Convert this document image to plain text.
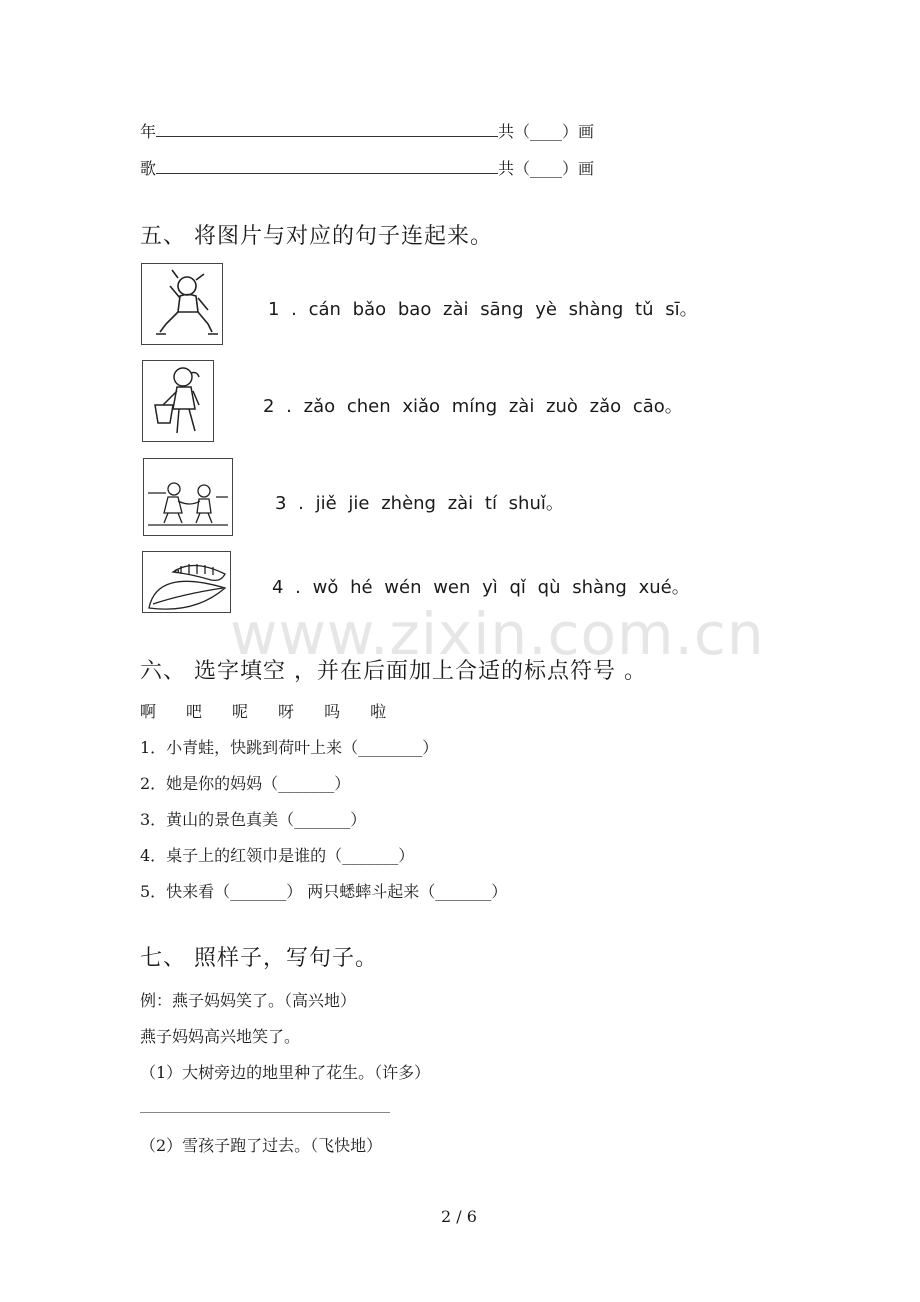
年	共（____）画
歌	共（____）画
五、 将图片与对应的句子连起来。
1 . cán bǎo bao zài sāng yè shàng tǔ sī。
2 . zǎo chen xiǎo míng zài zuò zǎo cāo。
3 . jiě jie zhèng zài tí shuǐ。
4 . wǒ hé wén wen yì qǐ qù shàng xué。
www.zixin.com.cn
六、 选字填空 ，并在后面加上合适的标点符号 。
啊 吧 呢 呀 吗 啦
1．小青蛙，快跳到荷叶上来（________）
2．她是你的妈妈（_______）
3．黄山的景色真美（_______）
4．桌子上的红领巾是谁的（_______）
5．快来看（_______） 两只蟋蟀斗起来（_______）
七、 照样子，写句子。
例：燕子妈妈笑了。（高兴地）
燕子妈妈高兴地笑了。
（1）大树旁边的地里种了花生。（许多）
（2）雪孩子跑了过去。（飞快地）
2 / 6
